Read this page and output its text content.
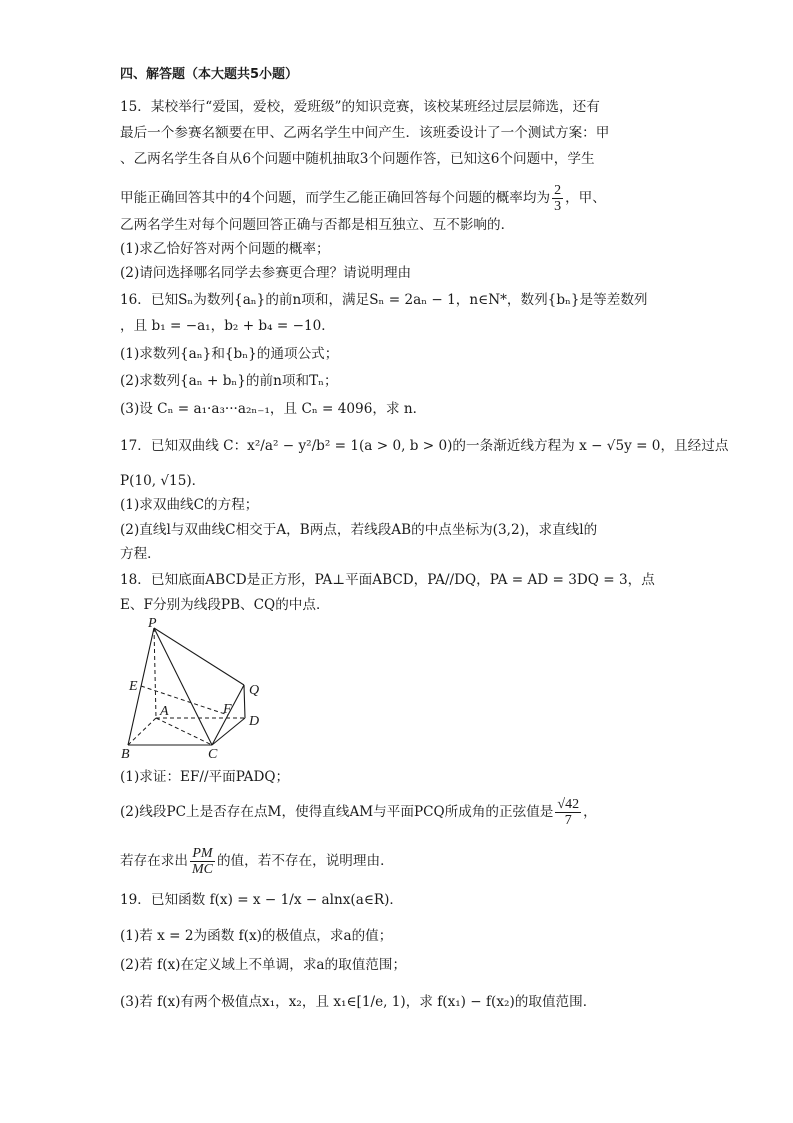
四、解答题（本大题共5小题）
15．某校举行“爱国，爱校，爱班级”的知识竞赛，该校某班经过层层筛选，还有
最后一个参赛名额要在甲、乙两名学生中间产生．该班委设计了一个测试方案：甲
、乙两名学生各自从6个问题中随机抽取3个问题作答，已知这6个问题中，学生
甲能正确回答其中的4个问题，而学生乙能正确回答每个问题的概率均为 $\frac{2}{3}$ ，甲、
乙两名学生对每个问题回答正确与否都是相互独立、互不影响的．
(1)求乙恰好答对两个问题的概率；
(2)请问选择哪名同学去参赛更合理？请说明理由
16．已知Sₙ为数列{aₙ}的前n项和，满足Sₙ = 2aₙ − 1，n∈N*，数列{bₙ}是等差数列
，且 b₁ = −a₁，b₂ + b₄ = −10．
(1)求数列{aₙ}和{bₙ}的通项公式；
(2)求数列{aₙ + bₙ}的前n项和Tₙ；
(3)设 Cₙ = a₁·a₃···a₂ₙ₋₁，且 Cₙ = 4096，求 n．
17．已知双曲线 C：x²/a² − y²/b² = 1(a > 0, b > 0)的一条渐近线方程为 x − √5y = 0，且经过点
P(10, √15)．
(1)求双曲线C的方程；
(2)直线l与双曲线C相交于A，B两点，若线段AB的中点坐标为(3,2)，求直线l的
方程．
18．已知底面ABCD是正方形，PA⊥平面ABCD，PA//DQ，PA = AD = 3DQ = 3，点
E、F分别为线段PB、CQ的中点．
P
E
A	F
Q
D
B	C
(1)求证：EF//平面PADQ；
(2)线段PC上是否存在点M，使得直线AM与平面PCQ所成角的正弦值是 $\frac{√42}{7}$ ，
若存在求出 $\frac{PM}{MC}$ 的值，若不存在，说明理由．
19．已知函数 f(x) = x − 1/x − alnx(a∈R)．
(1)若 x = 2为函数 f(x)的极值点，求a的值；
(2)若 f(x)在定义域上不单调，求a的取值范围；
(3)若 f(x)有两个极值点x₁，x₂，且 x₁∈[1/e, 1)，求 f(x₁) − f(x₂)的取值范围．
